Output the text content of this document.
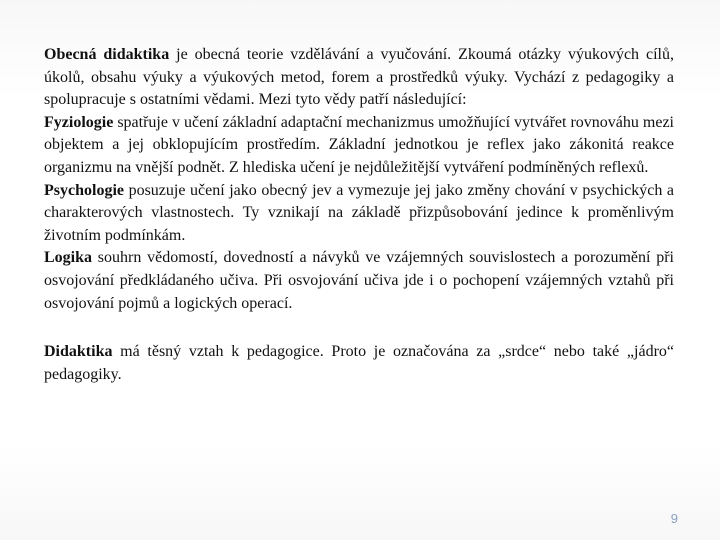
Obecná didaktika je obecná teorie vzdělávání a vyučování. Zkoumá otázky výukových cílů, úkolů, obsahu výuky a výukových metod, forem a prostředků výuky. Vychází z pedagogiky a spolupracuje s ostatními vědami. Mezi tyto vědy patří následující:

Fyziologie spatřuje v učení základní adaptační mechanizmus umožňující vytvářet rovnováhu mezi objektem a jej obklopujícím prostředím. Základní jednotkou je reflex jako zákonitá reakce organizmu na vnější podnět. Z hlediska učení je nejdůležitější vytváření podmíněných reflexů.

Psychologie posuzuje učení jako obecný jev a vymezuje jej jako změny chování v psychických a charakterových vlastnostech. Ty vznikají na základě přizpůsobování jedince k proměnlivým životním podmínkám.

Logika souhrn vědomostí, dovedností a návyků ve vzájemných souvislostech a porozumění při osvojování předkládaného učiva. Při osvojování učiva jde i o pochopení vzájemných vztahů při osvojování pojmů a logických operací.

Didaktika má těsný vztah k pedagogice. Proto je označována za „srdce“ nebo také „jádro“ pedagogiky.

9
